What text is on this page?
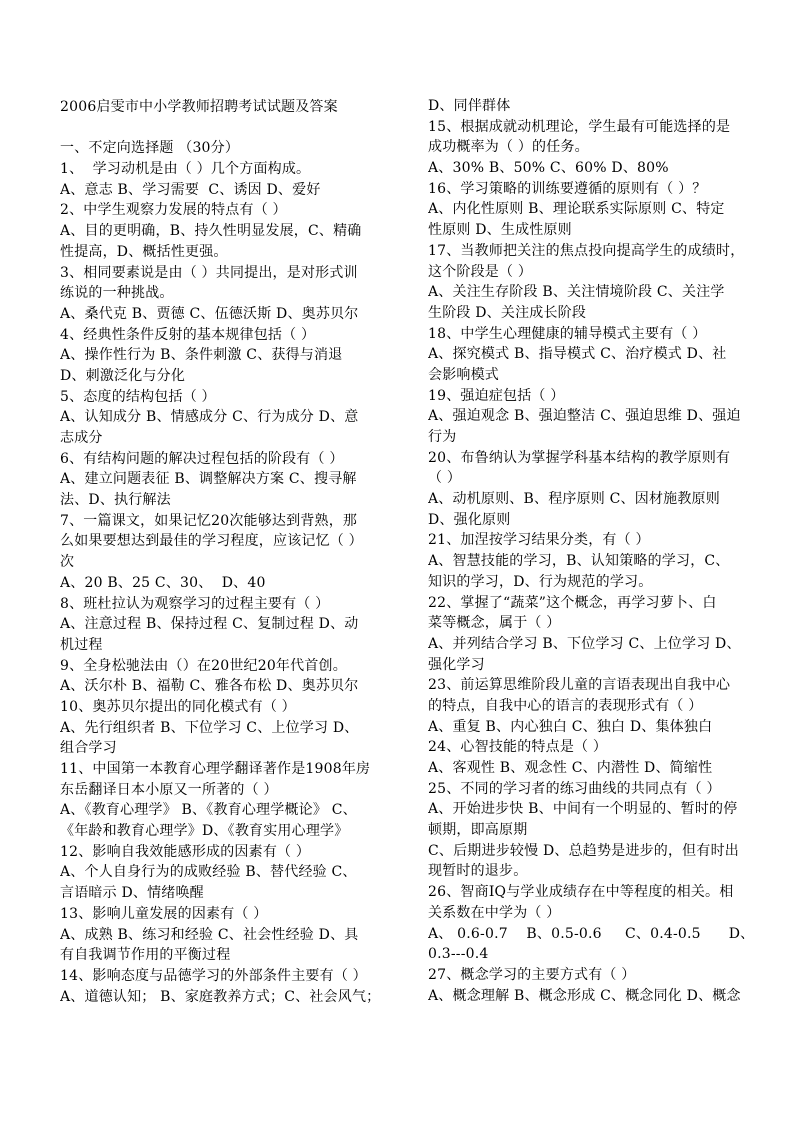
2006启雯市中小学教师招聘考试试题及答案
一、不定向选择题 （30分）
1、  学习动机是由（ ）几个方面构成。
A、意志 B、学习需要  C、诱因 D、爱好
2、中学生观察力发展的特点有（ ）
A、目的更明确，B、持久性明显发展，C、精确
性提高，D、概括性更强。
3、相同要素说是由（ ）共同提出，是对形式训
练说的一种挑战。
A、桑代克 B、贾德 C、伍德沃斯 D、奥苏贝尔
4、经典性条件反射的基本规律包括（ ）
A、操作性行为 B、条件刺激 C、获得与消退
D、刺激泛化与分化
5、态度的结构包括（ ）
A、认知成分 B、情感成分 C、行为成分 D、意
志成分
6、有结构问题的解决过程包括的阶段有（ ）
A、建立问题表征 B、调整解决方案 C、搜寻解
法、D、执行解法
7、一篇课文，如果记忆20次能够达到背熟，那
么如果要想达到最佳的学习程度，应该记忆（ ）
次
A、20 B、25 C、30、  D、40
8、班杜拉认为观察学习的过程主要有（ ）
A、注意过程 B、保持过程 C、复制过程 D、动
机过程
9、全身松驰法由（）在20世纪20年代首创。
A、沃尔朴 B、福勒 C、雅各布松 D、奥苏贝尔
10、奥苏贝尔提出的同化模式有（ ）
A、先行组织者 B、下位学习 C、上位学习 D、
组合学习
11、中国第一本教育心理学翻译著作是1908年房
东岳翻译日本小原又一所著的（ ）
A、《教育心理学》 B、《教育心理学概论》 C、
《年龄和教育心理学》D、《教育实用心理学》
12、影响自我效能感形成的因素有（ ）
A、个人自身行为的成败经验 B、替代经验 C、
言语暗示 D、情绪唤醒
13、影响儿童发展的因素有（ ）
A、成熟 B、练习和经验 C、社会性经验 D、具
有自我调节作用的平衡过程
14、影响态度与品德学习的外部条件主要有（ ）
A、道德认知； B、家庭教养方式；C、社会风气；
D、同伴群体
15、根据成就动机理论，学生最有可能选择的是
成功概率为（ ）的任务。
A、30% B、50% C、60% D、80%
16、学习策略的训练要遵循的原则有（ ）？
A、内化性原则 B、理论联系实际原则 C、特定
性原则 D、生成性原则
17、当教师把关注的焦点投向提高学生的成绩时，
这个阶段是（ ）
A、关注生存阶段 B、关注情境阶段 C、关注学
生阶段 D、关注成长阶段
18、中学生心理健康的辅导模式主要有（ ）
A、探究模式 B、指导模式 C、治疗模式 D、社
会影响模式
19、强迫症包括（ ）
A、强迫观念 B、强迫整洁 C、强迫思维 D、强迫
行为
20、布鲁纳认为掌握学科基本结构的教学原则有
（ ）
A、动机原则、B、程序原则 C、因材施教原则
D、强化原则
21、加涅按学习结果分类，有（ ）
A、智慧技能的学习，B、认知策略的学习，C、
知识的学习，D、行为规范的学习。
22、掌握了“蔬菜”这个概念，再学习萝卜、白
菜等概念，属于（ ）
A、并列结合学习 B、下位学习 C、上位学习 D、
强化学习
23、前运算思维阶段儿童的言语表现出自我中心
的特点，自我中心的语言的表现形式有（ ）
A、重复 B、内心独白 C、独白 D、集体独白
24、心智技能的特点是（ ）
A、客观性 B、观念性 C、内潜性 D、简缩性
25、不同的学习者的练习曲线的共同点有（ ）
A、开始进步快 B、中间有一个明显的、暂时的停
顿期，即高原期
C、后期进步较慢 D、总趋势是进步的，但有时出
现暂时的退步。
26、智商IQ与学业成绩存在中等程度的相关。相
关系数在中学为（ ）
A、 0.6-0.7    B、0.5-0.6     C、0.4-0.5      D、
0.3---0.4
27、概念学习的主要方式有（ ）
A、概念理解 B、概念形成 C、概念同化 D、概念
